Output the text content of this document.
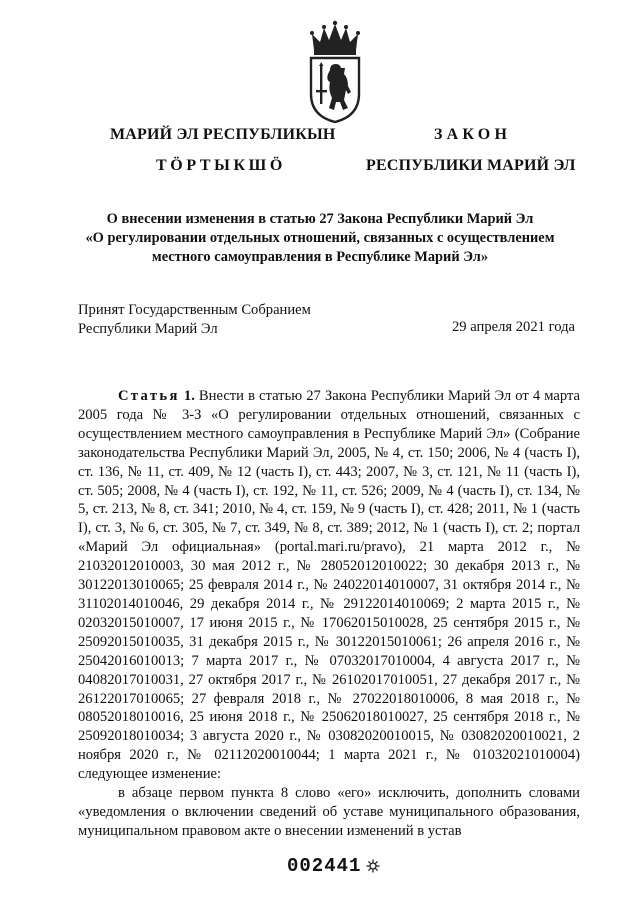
МАРИЙ ЭЛ РЕСПУБЛИКЫН
ТӦРТЫКШӦ
ЗАКОН
РЕСПУБЛИКИ МАРИЙ ЭЛ
О внесении изменения в статью 27 Закона Республики Марий Эл
«О регулировании отдельных отношений, связанных с осуществлением
местного самоуправления в Республике Марий Эл»
Принят Государственным Собранием
Республики Марий Эл	29 апреля 2021 года

Статья 1. Внести в статью 27 Закона Республики Марий Эл от 4 марта 2005 года № 3-З «О регулировании отдельных отношений, связанных с осуществлением местного самоуправления в Республике Марий Эл» (Собрание законодательства Республики Марий Эл, 2005, № 4, ст. 150; 2006, № 4 (часть I), ст. 136, № 11, ст. 409, № 12 (часть I), ст. 443; 2007, № 3, ст. 121, № 11 (часть I), ст. 505; 2008, № 4 (часть I), ст. 192, № 11, ст. 526; 2009, № 4 (часть I), ст. 134, № 5, ст. 213, № 8, ст. 341; 2010, № 4, ст. 159, № 9 (часть I), ст. 428; 2011, № 1 (часть I), ст. 3, № 6, ст. 305, № 7, ст. 349, № 8, ст. 389; 2012, № 1 (часть I), ст. 2; портал «Марий Эл официальная» (portal.mari.ru/pravo), 21 марта 2012 г., № 21032012010003, 30 мая 2012 г., № 28052012010022; 30 декабря 2013 г., № 30122013010065; 25 февраля 2014 г., № 24022014010007, 31 октября 2014 г., № 31102014010046, 29 декабря 2014 г., № 29122014010069; 2 марта 2015 г., № 02032015010007, 17 июня 2015 г., № 17062015010028, 25 сентября 2015 г., № 25092015010035, 31 декабря 2015 г., № 30122015010061; 26 апреля 2016 г., № 25042016010013; 7 марта 2017 г., № 07032017010004, 4 августа 2017 г., № 04082017010031, 27 октября 2017 г., № 26102017010051, 27 декабря 2017 г., № 26122017010065; 27 февраля 2018 г., № 27022018010006, 8 мая 2018 г., № 08052018010016, 25 июня 2018 г., № 25062018010027, 25 сентября 2018 г., № 25092018010034; 3 августа 2020 г., № 03082020010015, № 03082020010021, 2 ноября 2020 г., № 02112020010044; 1 марта 2021 г., № 01032021010004) следующее изменение:

в абзаце первом пункта 8 слово «его» исключить, дополнить словами «уведомления о включении сведений об уставе муниципального образования, муниципальном правовом акте о внесении изменений в устав

002441
